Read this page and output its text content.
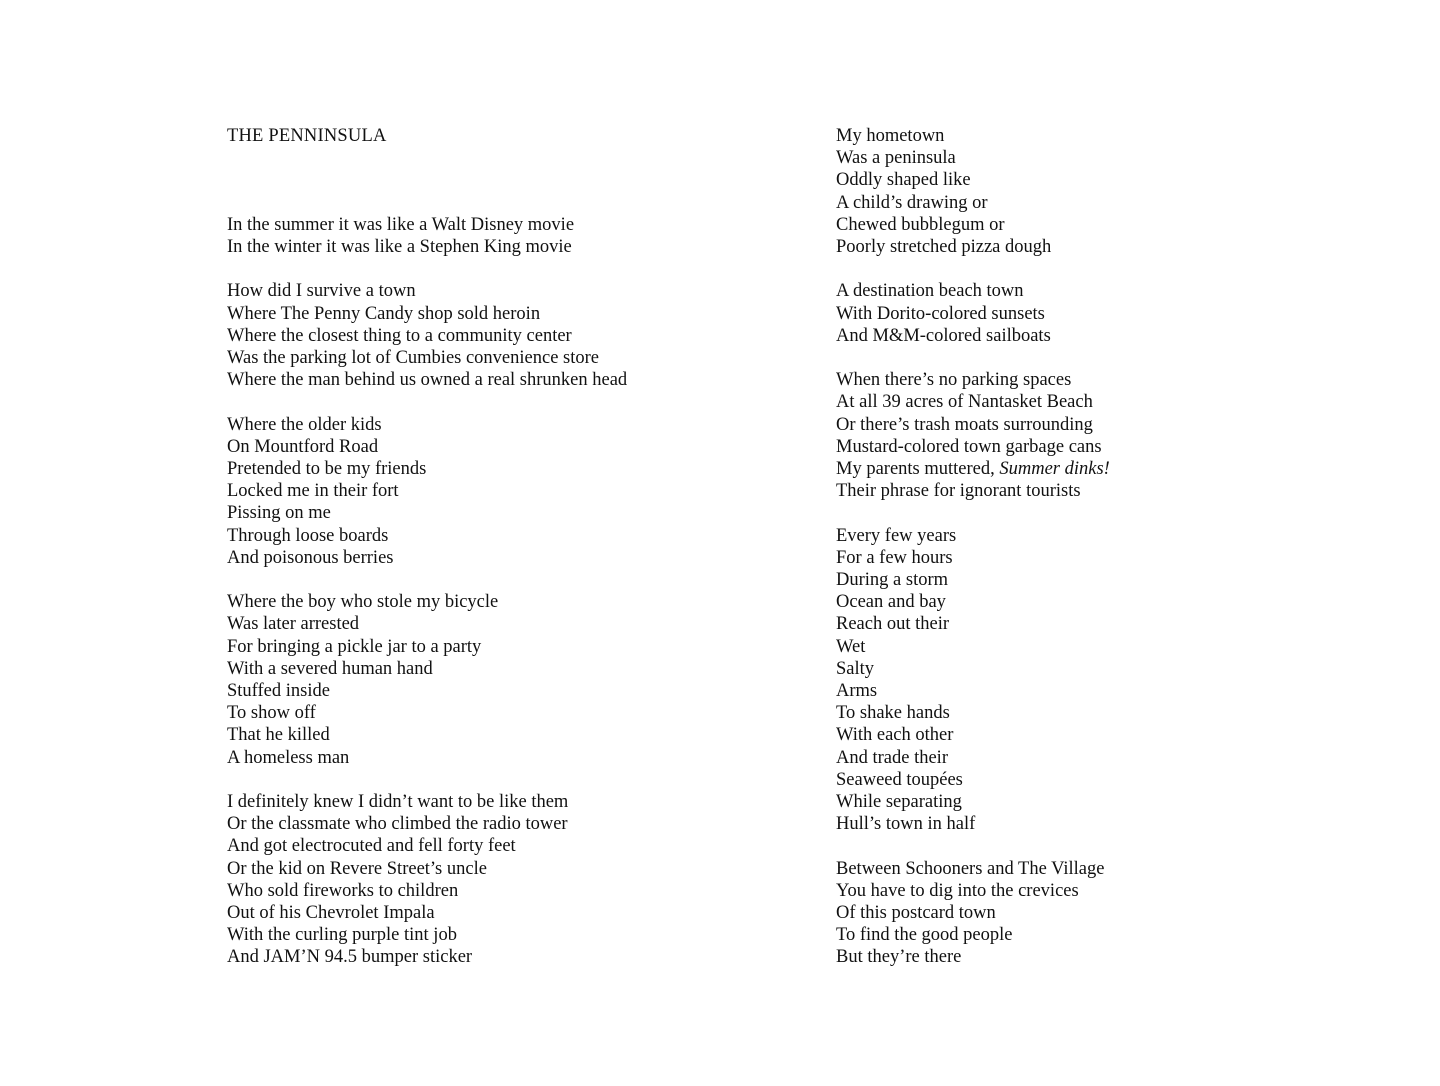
THE PENNINSULA
In the summer it was like a Walt Disney movie
In the winter it was like a Stephen King movie
How did I survive a town
Where The Penny Candy shop sold heroin
Where the closest thing to a community center
Was the parking lot of Cumbies convenience store
Where the man behind us owned a real shrunken head
Where the older kids
On Mountford Road
Pretended to be my friends
Locked me in their fort
Pissing on me
Through loose boards
And poisonous berries
Where the boy who stole my bicycle
Was later arrested
For bringing a pickle jar to a party
With a severed human hand
Stuffed inside
To show off
That he killed
A homeless man
I definitely knew I didn’t want to be like them
Or the classmate who climbed the radio tower
And got electrocuted and fell forty feet
Or the kid on Revere Street’s uncle
Who sold fireworks to children
Out of his Chevrolet Impala
With the curling purple tint job
And JAM’N 94.5 bumper sticker
My hometown
Was a peninsula
Oddly shaped like
A child’s drawing or
Chewed bubblegum or
Poorly stretched pizza dough
A destination beach town
With Dorito-colored sunsets
And M&M-colored sailboats
When there’s no parking spaces
At all 39 acres of Nantasket Beach
Or there’s trash moats surrounding
Mustard-colored town garbage cans
My parents muttered, Summer dinks!
Their phrase for ignorant tourists
Every few years
For a few hours
During a storm
Ocean and bay
Reach out their
Wet
Salty
Arms
To shake hands
With each other
And trade their
Seaweed toupées
While separating
Hull’s town in half
Between Schooners and The Village
You have to dig into the crevices
Of this postcard town
To find the good people
But they’re there
